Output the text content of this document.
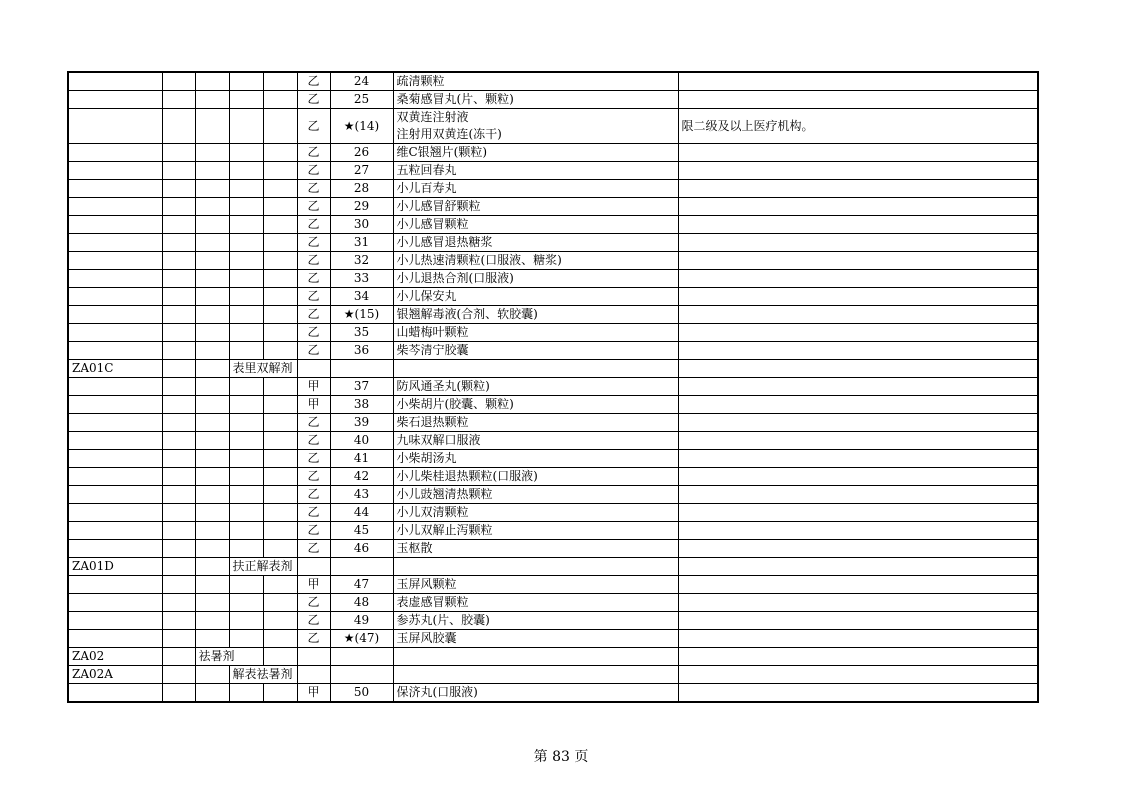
					乙	24	疏清颗粒	

					乙	25	桑菊感冒丸(片、颗粒)	

					乙	★(14)	双黄连注射液
注射用双黄连(冻干)	限二级及以上医疗机构。
					乙	26	维C银翘片(颗粒)	

					乙	27	五粒回春丸	

					乙	28	小儿百寿丸	

					乙	29	小儿感冒舒颗粒	

					乙	30	小儿感冒颗粒	

					乙	31	小儿感冒退热糖浆	

					乙	32	小儿热速清颗粒(口服液、糖浆)	

					乙	33	小儿退热合剂(口服液)	

					乙	34	小儿保安丸	

					乙	★(15)	银翘解毒液(合剂、软胶囊)	

					乙	35	山蜡梅叶颗粒	

					乙	36	柴芩清宁胶囊	

ZA01C			表里双解剂					
					甲	37	防风通圣丸(颗粒)	

					甲	38	小柴胡片(胶囊、颗粒)	

					乙	39	柴石退热颗粒	

					乙	40	九味双解口服液	

					乙	41	小柴胡汤丸	

					乙	42	小儿柴桂退热颗粒(口服液)	

					乙	43	小儿豉翘清热颗粒	

					乙	44	小儿双清颗粒	

					乙	45	小儿双解止泻颗粒	

					乙	46	玉枢散	

ZA01D			扶正解表剂					
					甲	47	玉屏风颗粒	

					乙	48	表虚感冒颗粒	

					乙	49	参苏丸(片、胶囊)	

					乙	★(47)	玉屏风胶囊	

ZA02		祛暑剂						
ZA02A			解表祛暑剂					
					甲	50	保济丸(口服液)	

第 83 页
